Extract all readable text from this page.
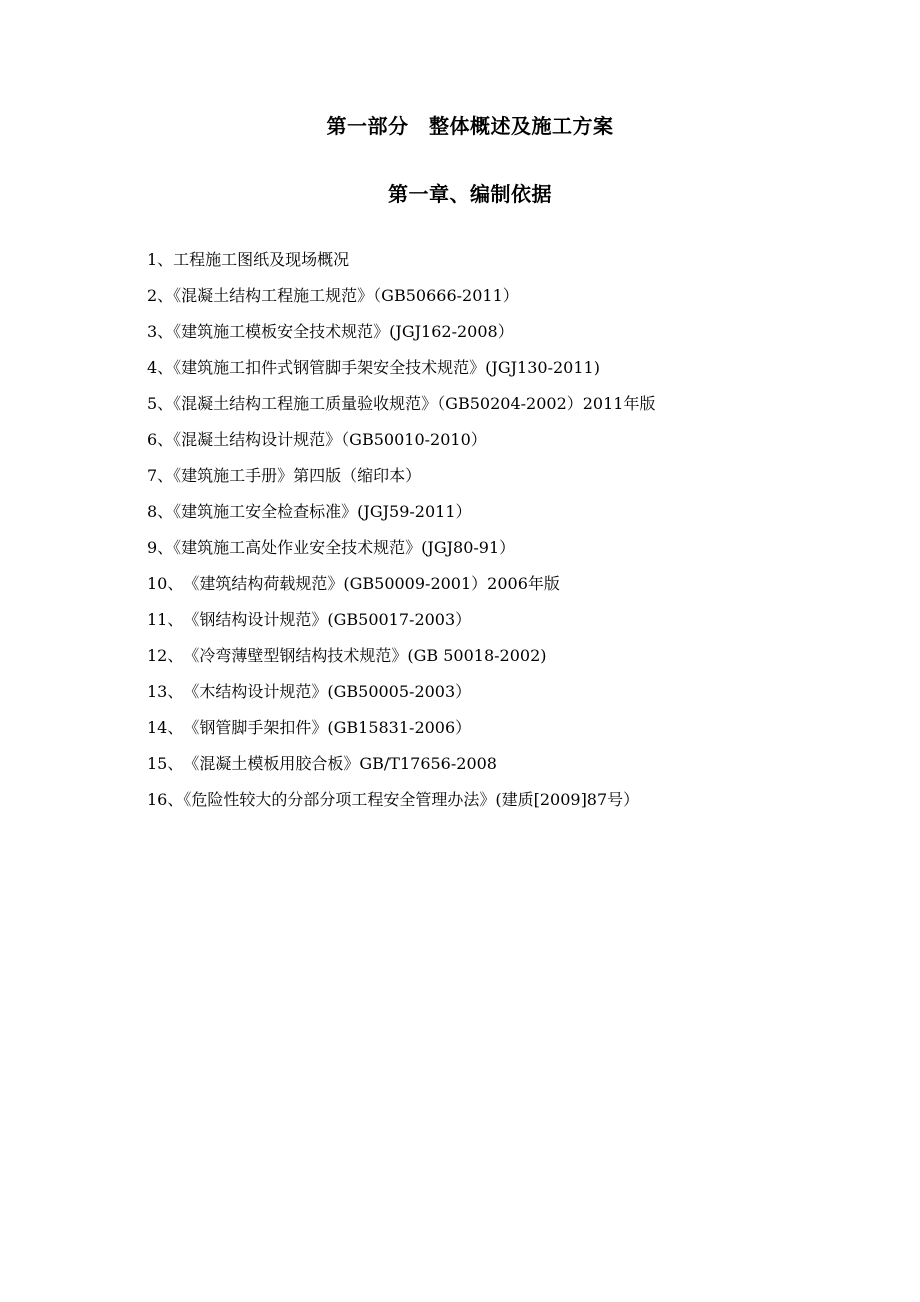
第一部分　整体概述及施工方案
第一章、编制依据
1、工程施工图纸及现场概况
2、《混凝土结构工程施工规范》（GB50666-2011）
3、《建筑施工模板安全技术规范》(JGJ162-2008）
4、《建筑施工扣件式钢管脚手架安全技术规范》(JGJ130-2011)
5、《混凝土结构工程施工质量验收规范》（GB50204-2002）2011年版
6、《混凝土结构设计规范》（GB50010-2010）
7、《建筑施工手册》第四版（缩印本）
8、《建筑施工安全检查标准》(JGJ59-2011）
9、《建筑施工高处作业安全技术规范》(JGJ80-91）
10、　《建筑结构荷载规范》(GB50009-2001）2006年版
11、　《钢结构设计规范》(GB50017-2003）
12、　《冷弯薄壁型钢结构技术规范》(GB 50018-2002)
13、　《木结构设计规范》(GB50005-2003）
14、　《钢管脚手架扣件》(GB15831-2006）
15、　《混凝土模板用胶合板》GB/T17656-2008
16、《危险性较大的分部分项工程安全管理办法》(建质[2009]87号）
